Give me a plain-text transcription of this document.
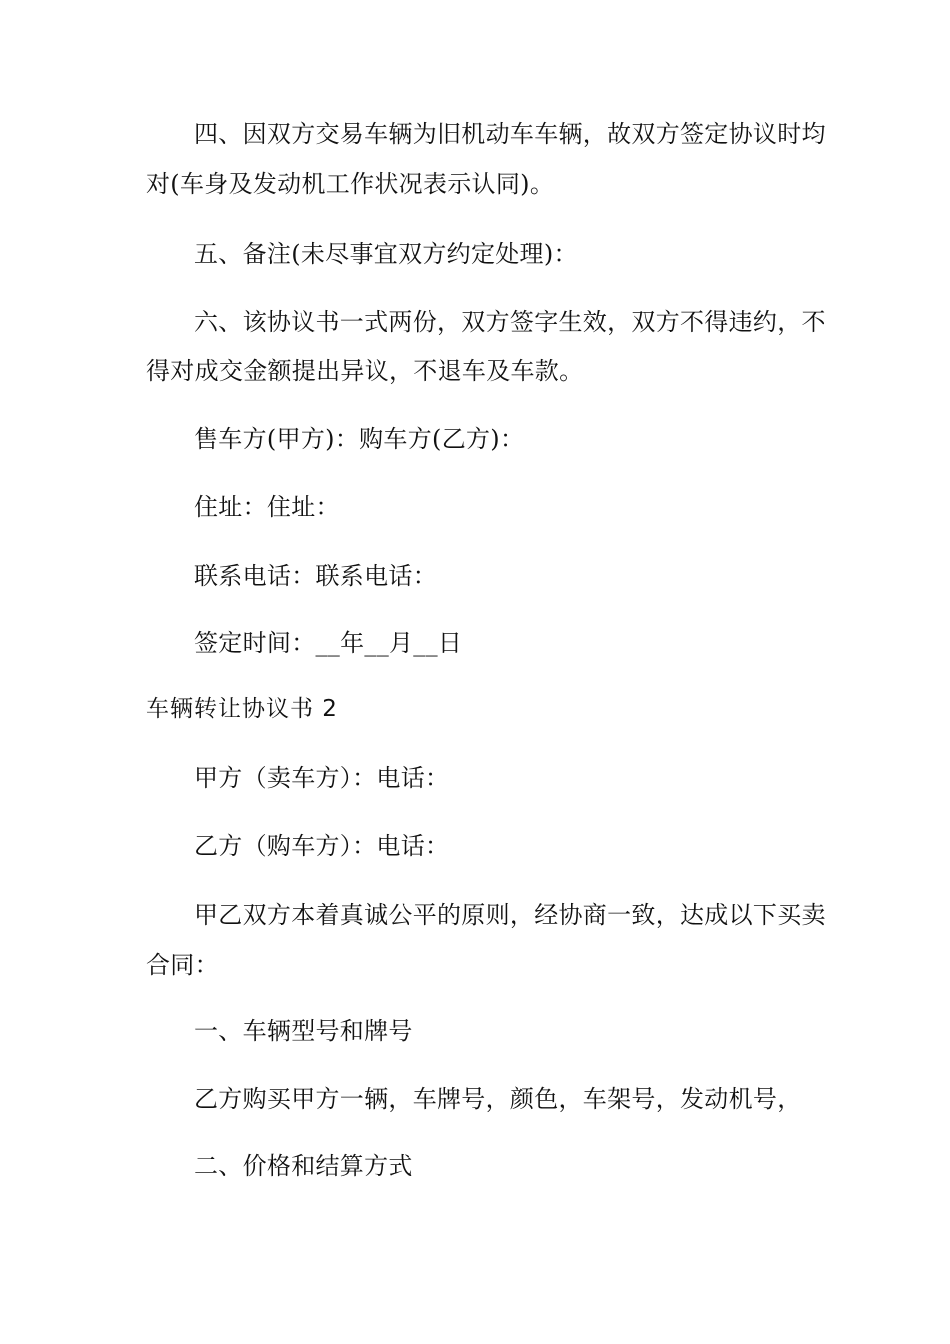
四、因双方交易车辆为旧机动车车辆，故双方签定协议时均
对(车身及发动机工作状况表示认同)。
五、备注(未尽事宜双方约定处理)：
六、该协议书一式两份，双方签字生效，双方不得违约，不
得对成交金额提出异议，不退车及车款。
售车方(甲方)：购车方(乙方)：
住址：住址：
联系电话：联系电话：
签定时间：__年__月__日
车辆转让协议书 2
甲方（卖车方）：电话：
乙方（购车方）：电话：
甲乙双方本着真诚公平的原则，经协商一致，达成以下买卖
合同：
一、车辆型号和牌号
乙方购买甲方一辆，车牌号，颜色，车架号，发动机号，
二、价格和结算方式
